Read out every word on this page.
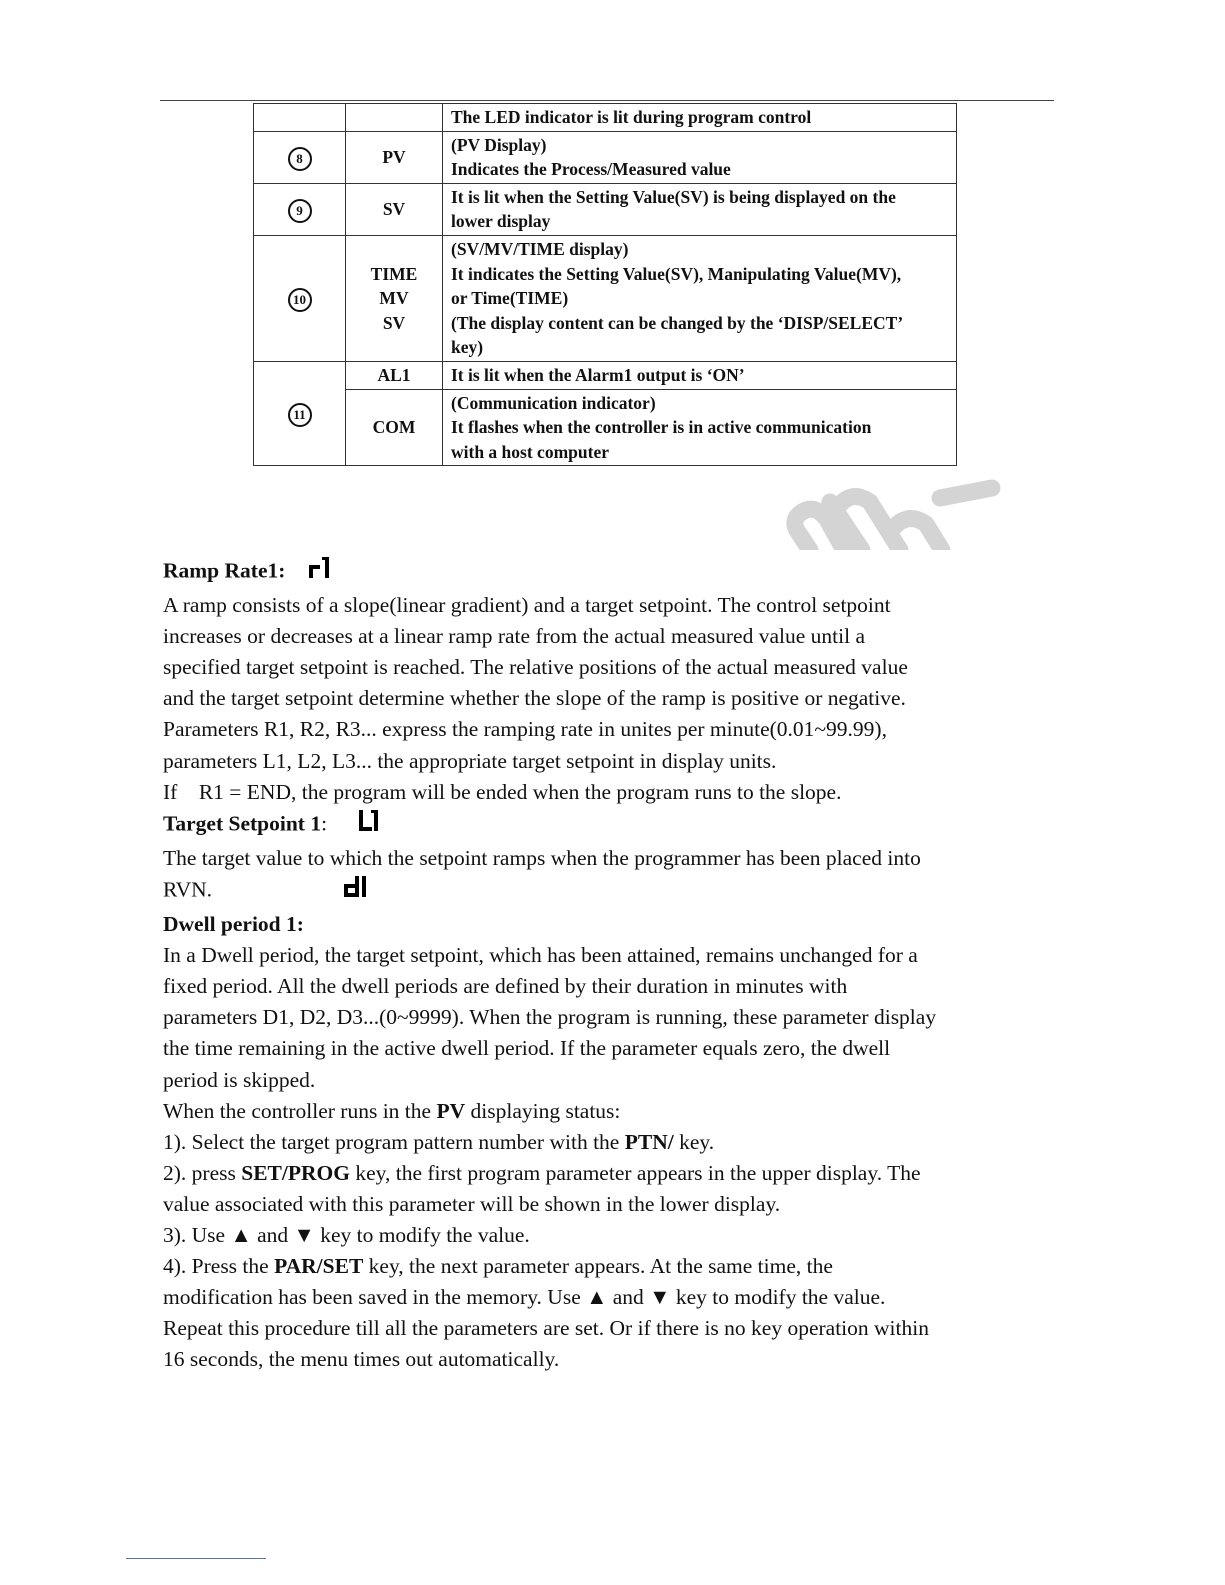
		The LED indicator is lit during program control
8	PV	(PV Display)
Indicates the Process/Measured value
9	SV	It is lit when the Setting Value(SV) is being displayed on the
lower display
10	TIME
MV
SV	(SV/MV/TIME display)
It indicates the Setting Value(SV), Manipulating Value(MV),
or Time(TIME)
(The display content can be changed by the ‘DISP/SELECT’
key)
11	AL1	It is lit when the Alarm1 output is ‘ON’
	COM	(Communication indicator)
It flashes when the controller is in active communication
with a host computer

Ramp Rate1:

A ramp consists of a slope(linear gradient) and a target setpoint. The control setpoint

increases or decreases at a linear ramp rate from the actual measured value until a

specified target setpoint is reached. The relative positions of the actual measured value

and the target setpoint determine whether the slope of the ramp is positive or negative.

Parameters R1, R2, R3... express the ramping rate in unites per minute(0.01~99.99),

parameters L1, L2, L3... the appropriate target setpoint in display units.

If    R1 = END, the program will be ended when the program runs to the slope.

Target Setpoint 1:

The target value to which the setpoint ramps when the programmer has been placed into

RVN.

Dwell period 1:

In a Dwell period, the target setpoint, which has been attained, remains unchanged for a

fixed period. All the dwell periods are defined by their duration in minutes with

parameters D1, D2, D3...(0~9999). When the program is running, these parameter display

the time remaining in the active dwell period. If the parameter equals zero, the dwell

period is skipped.

When the controller runs in the PV displaying status:

1). Select the target program pattern number with the PTN/ key.

2). press SET/PROG key, the first program parameter appears in the upper display. The

value associated with this parameter will be shown in the lower display.

3). Use ▲ and ▼ key to modify the value.

4). Press the PAR/SET key, the next parameter appears. At the same time, the

modification has been saved in the memory. Use ▲ and ▼ key to modify the value.

Repeat this procedure till all the parameters are set. Or if there is no key operation within

16 seconds, the menu times out automatically.
